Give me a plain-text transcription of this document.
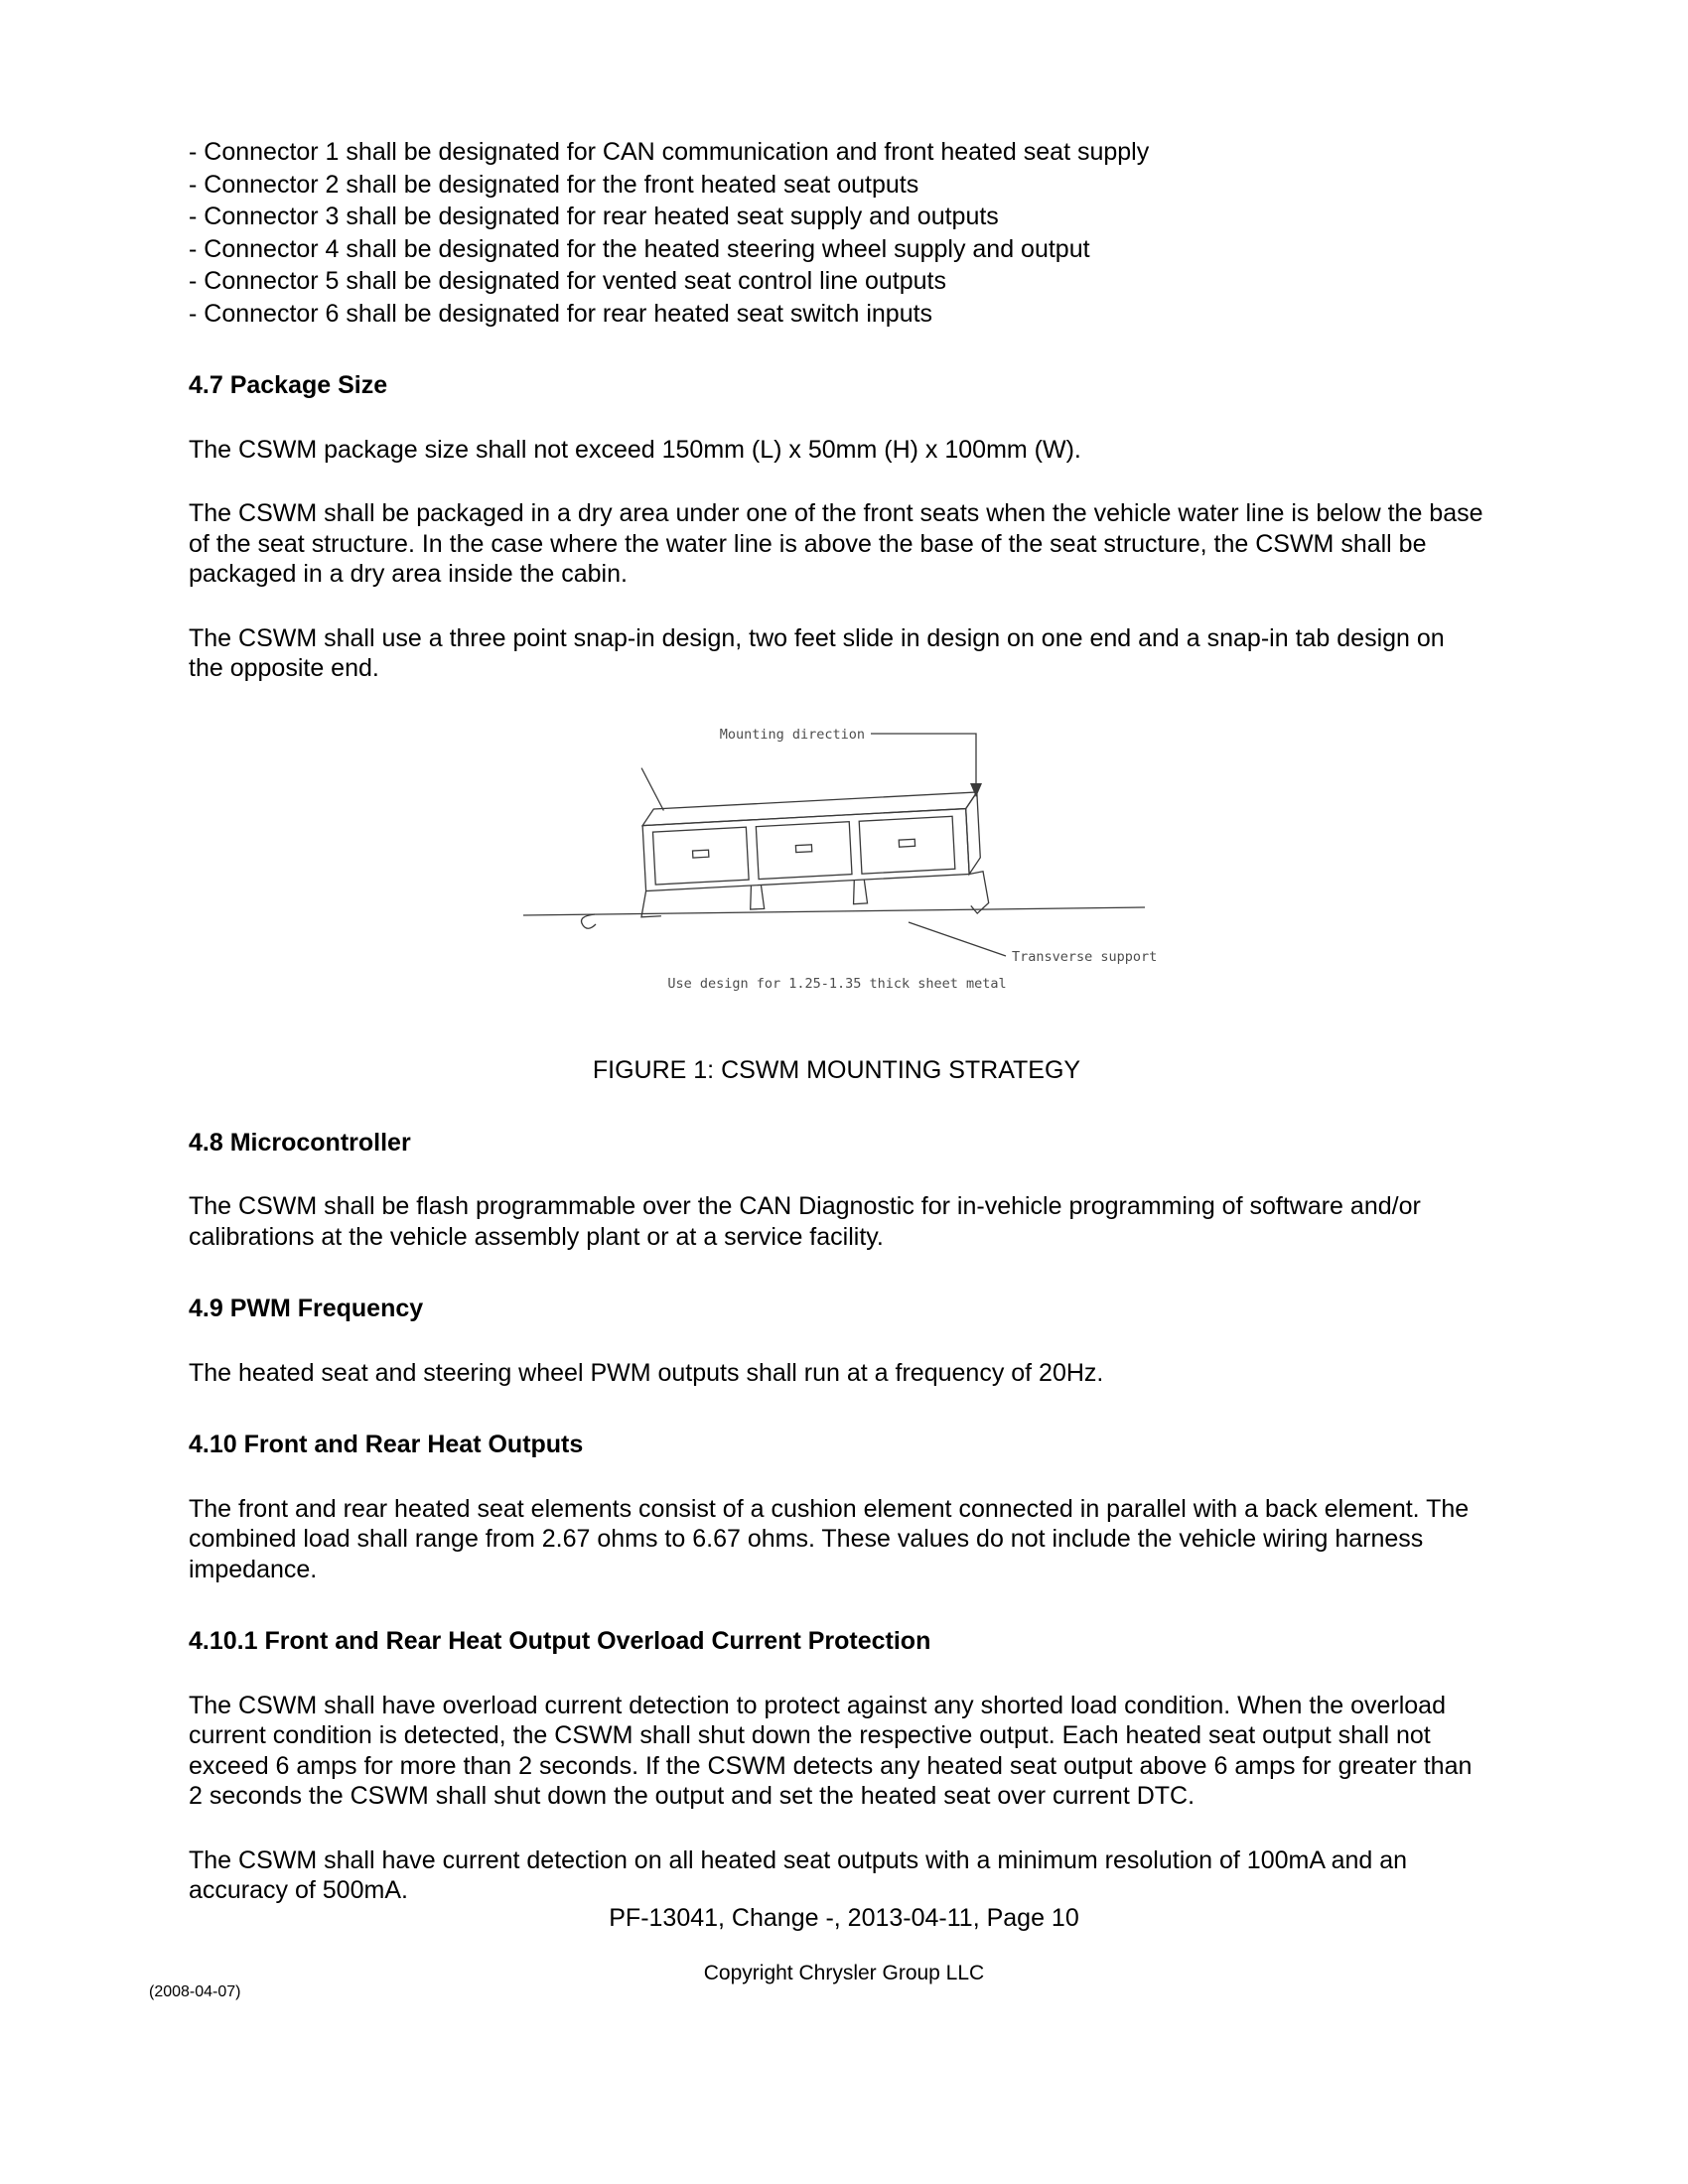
- Connector 1 shall be designated for CAN communication and front heated seat supply
- Connector 2 shall be designated for the front heated seat outputs
- Connector 3 shall be designated for rear heated seat supply and outputs
- Connector 4 shall be designated for the heated steering wheel supply and output
- Connector 5 shall be designated for vented seat control line outputs
- Connector 6 shall be designated for rear heated seat switch inputs
4.7 Package Size
The CSWM package size shall not exceed 150mm (L) x 50mm (H) x 100mm (W).
The CSWM shall be packaged in a dry area under one of the front seats when the vehicle water line is below the base of the seat structure. In the case where the water line is above the base of the seat structure, the CSWM shall be packaged in a dry area inside the cabin.
The CSWM shall use a three point snap-in design, two feet slide in design on one end and a snap-in tab design on the opposite end.
Mounting direction
Transverse support
Use design for 1.25-1.35 thick sheet metal
FIGURE 1: CSWM MOUNTING STRATEGY
4.8 Microcontroller
The CSWM shall be flash programmable over the CAN Diagnostic for in-vehicle programming of software and/or calibrations at the vehicle assembly plant or at a service facility.
4.9 PWM Frequency
The heated seat and steering wheel PWM outputs shall run at a frequency of 20Hz.
4.10 Front and Rear Heat Outputs
The front and rear heated seat elements consist of a cushion element connected in parallel with a back element. The combined load shall range from 2.67 ohms to 6.67 ohms. These values do not include the vehicle wiring harness impedance.
4.10.1 Front and Rear Heat Output Overload Current Protection
The CSWM shall have overload current detection to protect against any shorted load condition. When the overload current condition is detected, the CSWM shall shut down the respective output. Each heated seat output shall not exceed 6 amps for more than 2 seconds. If the CSWM detects any heated seat output above 6 amps for greater than 2 seconds the CSWM shall shut down the output and set the heated seat over current DTC.
The CSWM shall have current detection on all heated seat outputs with a minimum resolution of 100mA and an accuracy of 500mA.
PF-13041, Change -, 2013-04-11, Page 10
Copyright Chrysler Group LLC
(2008-04-07)
